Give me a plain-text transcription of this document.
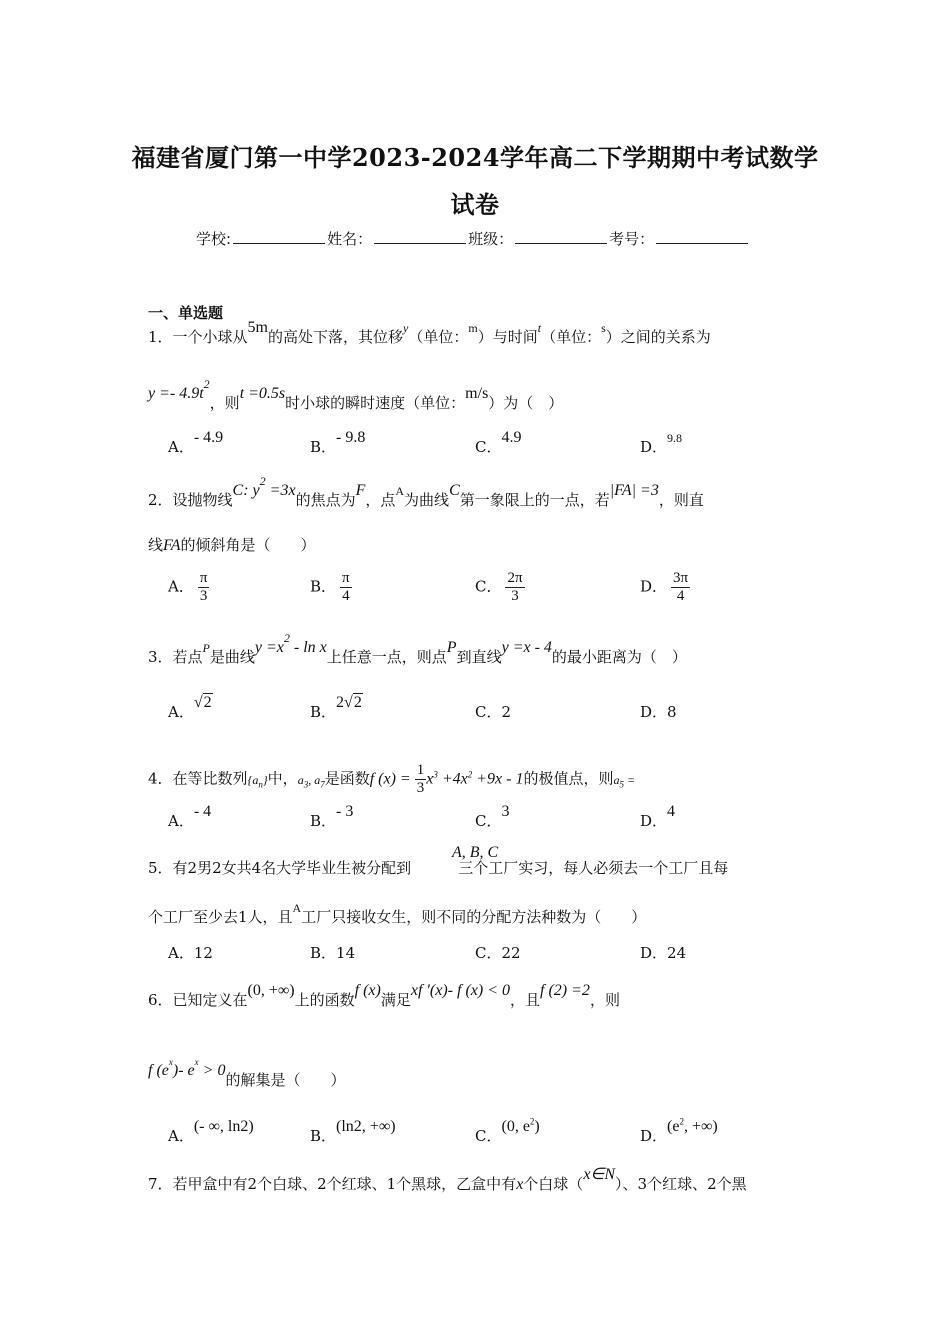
福建省厦门第一中学2023-2024学年高二下学期期中考试数学
试卷
学校:	姓名：	班级：	考号：
一、单选题
1．一个小球从5m的高处下落，其位移$^y$（单位：$^m$）与时间$^t$（单位：$^s$）之间的关系为
$y =- 4.9t^2$，则t =0.5s时小球的瞬时速度（单位：m/s）为（　）
A．- 4.9
B．- 9.8
C．4.9
D．$^{9.8}$
2．设抛物线C: $y^2 =3x$的焦点为F，点$^A$为曲线C第一象限上的一点，若|FA| =3，则直
线FA的倾斜角是（　　）
A． $\frac{\pi}{3}$	B． $\frac{\pi}{4}$	C． $\frac{2\pi}{3}$	D． $\frac{3\pi}{4}$
3．若点$^P$是曲线$y =x^2 - \ln x$上任意一点，则点P到直线y =x - 4的最小距离为（　）
A．√2
B．2√2
C．2	D．8
4．在等比数列$\{a_n\}$中，$a_3$, $a_7$是函数f $(x) = \frac{1}{3} x^3 +4x^2 +9x - 1$的极值点，则$a_5$ =
A．- 4
B．- 3
C．3
D．4
A, B, C
5．有2男2女共4名大学毕业生被分配到	三个工厂实习，每人必须去一个工厂且每
个工厂至少去1人，且$^A$工厂只接收女生，则不同的分配方法种数为（　　）
A．12	B．14	C．22	D．24
6．已知定义在(0, +∞)上的函数f (x)满足xf ′(x)- f (x) < 0，且f (2) =2，则
f $(e^x)-$ $e^x > 0$的解集是（　　）
A．(- ∞, ln2)
B．(ln2, +∞)
C．(0, $e^2$)
D．($e^2$, +∞)
7．若甲盒中有2个白球、2个红球、1个黑球，乙盒中有x个白球（x∈N）、3个红球、2个黑
